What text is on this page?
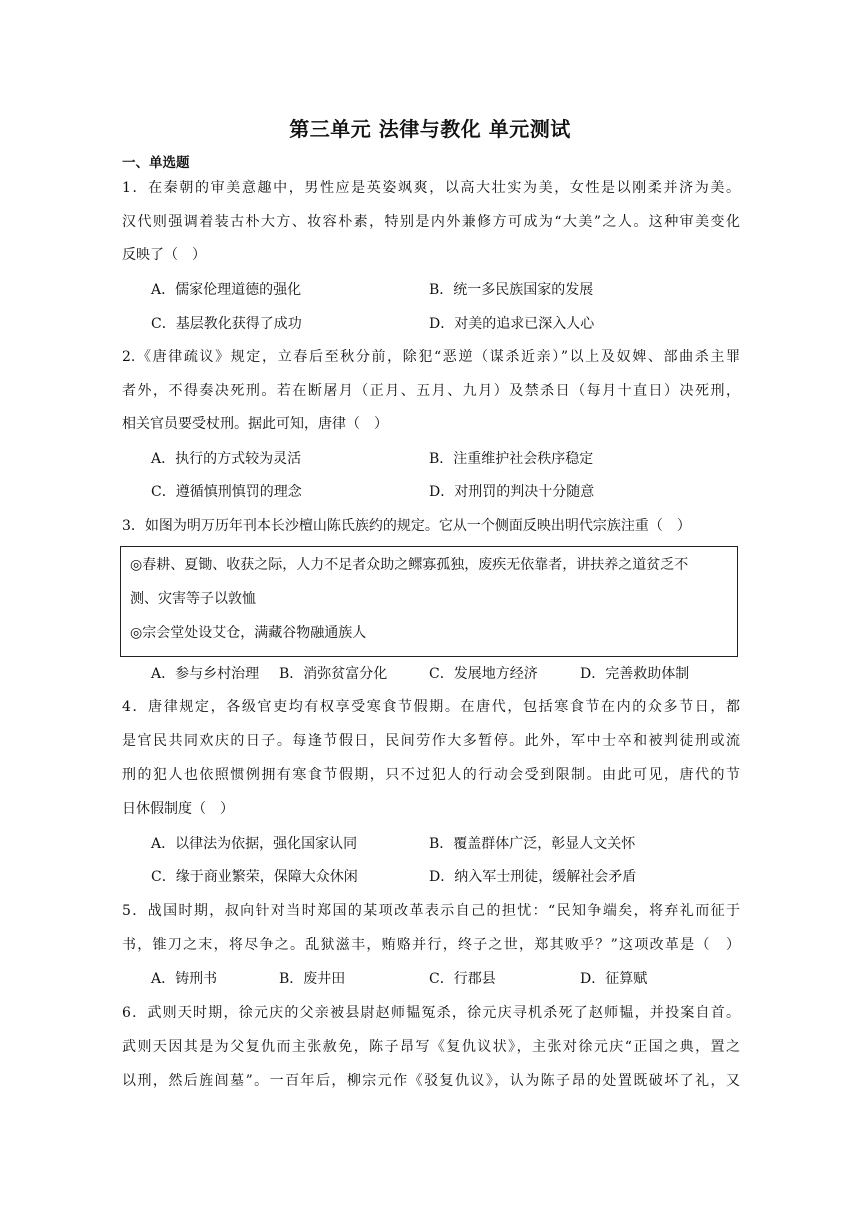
第三单元 法律与教化 单元测试
一、单选题
1．在秦朝的审美意趣中，男性应是英姿飒爽，以高大壮实为美，女性是以刚柔并济为美。
汉代则强调着装古朴大方、妆容朴素，特别是内外兼修方可成为“大美”之人。这种审美变化
反映了（　）
A．儒家伦理道德的强化	B．统一多民族国家的发展
C．基层教化获得了成功	D．对美的追求已深入人心
2.《唐律疏议》规定，立春后至秋分前，除犯“恶逆（谋杀近亲）”以上及奴婢、部曲杀主罪
者外，不得奏决死刑。若在断屠月（正月、五月、九月）及禁杀日（每月十直日）决死刑，
相关官员要受杖刑。据此可知，唐律（　）
A．执行的方式较为灵活	B．注重维护社会秩序稳定
C．遵循慎刑慎罚的理念	D．对刑罚的判决十分随意
3．如图为明万历年刊本长沙檀山陈氏族约的规定。它从一个侧面反映出明代宗族注重（　）
◎春耕、夏锄、收获之际，人力不足者众助之鳏寡孤独，废疾无依靠者，讲扶养之道贫乏不
测、灾害等子以敦恤
◎宗会堂处设艾仓，满藏谷物融通族人
A．参与乡村治理 B．消弥贫富分化	C．发展地方经济	D．完善救助体制
4．唐律规定，各级官吏均有权享受寒食节假期。在唐代，包括寒食节在内的众多节日，都
是官民共同欢庆的日子。每逢节假日，民间劳作大多暂停。此外，军中士卒和被判徒刑或流
刑的犯人也依照惯例拥有寒食节假期，只不过犯人的行动会受到限制。由此可见，唐代的节
日休假制度（　）
A．以律法为依据，强化国家认同	B．覆盖群体广泛，彰显人文关怀
C．缘于商业繁荣，保障大众休闲	D．纳入军士刑徒，缓解社会矛盾
5．战国时期，叔向针对当时郑国的某项改革表示自己的担忧：“民知争端矣，将弃礼而征于
书，锥刀之末，将尽争之。乱狱滋丰，贿赂并行，终子之世，郑其败乎？”这项改革是（　）
A．铸刑书	B．废井田	C．行郡县	D．征算赋
6．武则天时期，徐元庆的父亲被县尉赵师韫冤杀，徐元庆寻机杀死了赵师韫，并投案自首。
武则天因其是为父复仇而主张赦免，陈子昂写《复仇议状》，主张对徐元庆“正国之典，置之
以刑，然后旌闾墓”。一百年后，柳宗元作《驳复仇议》，认为陈子昂的处置既破坏了礼，又
